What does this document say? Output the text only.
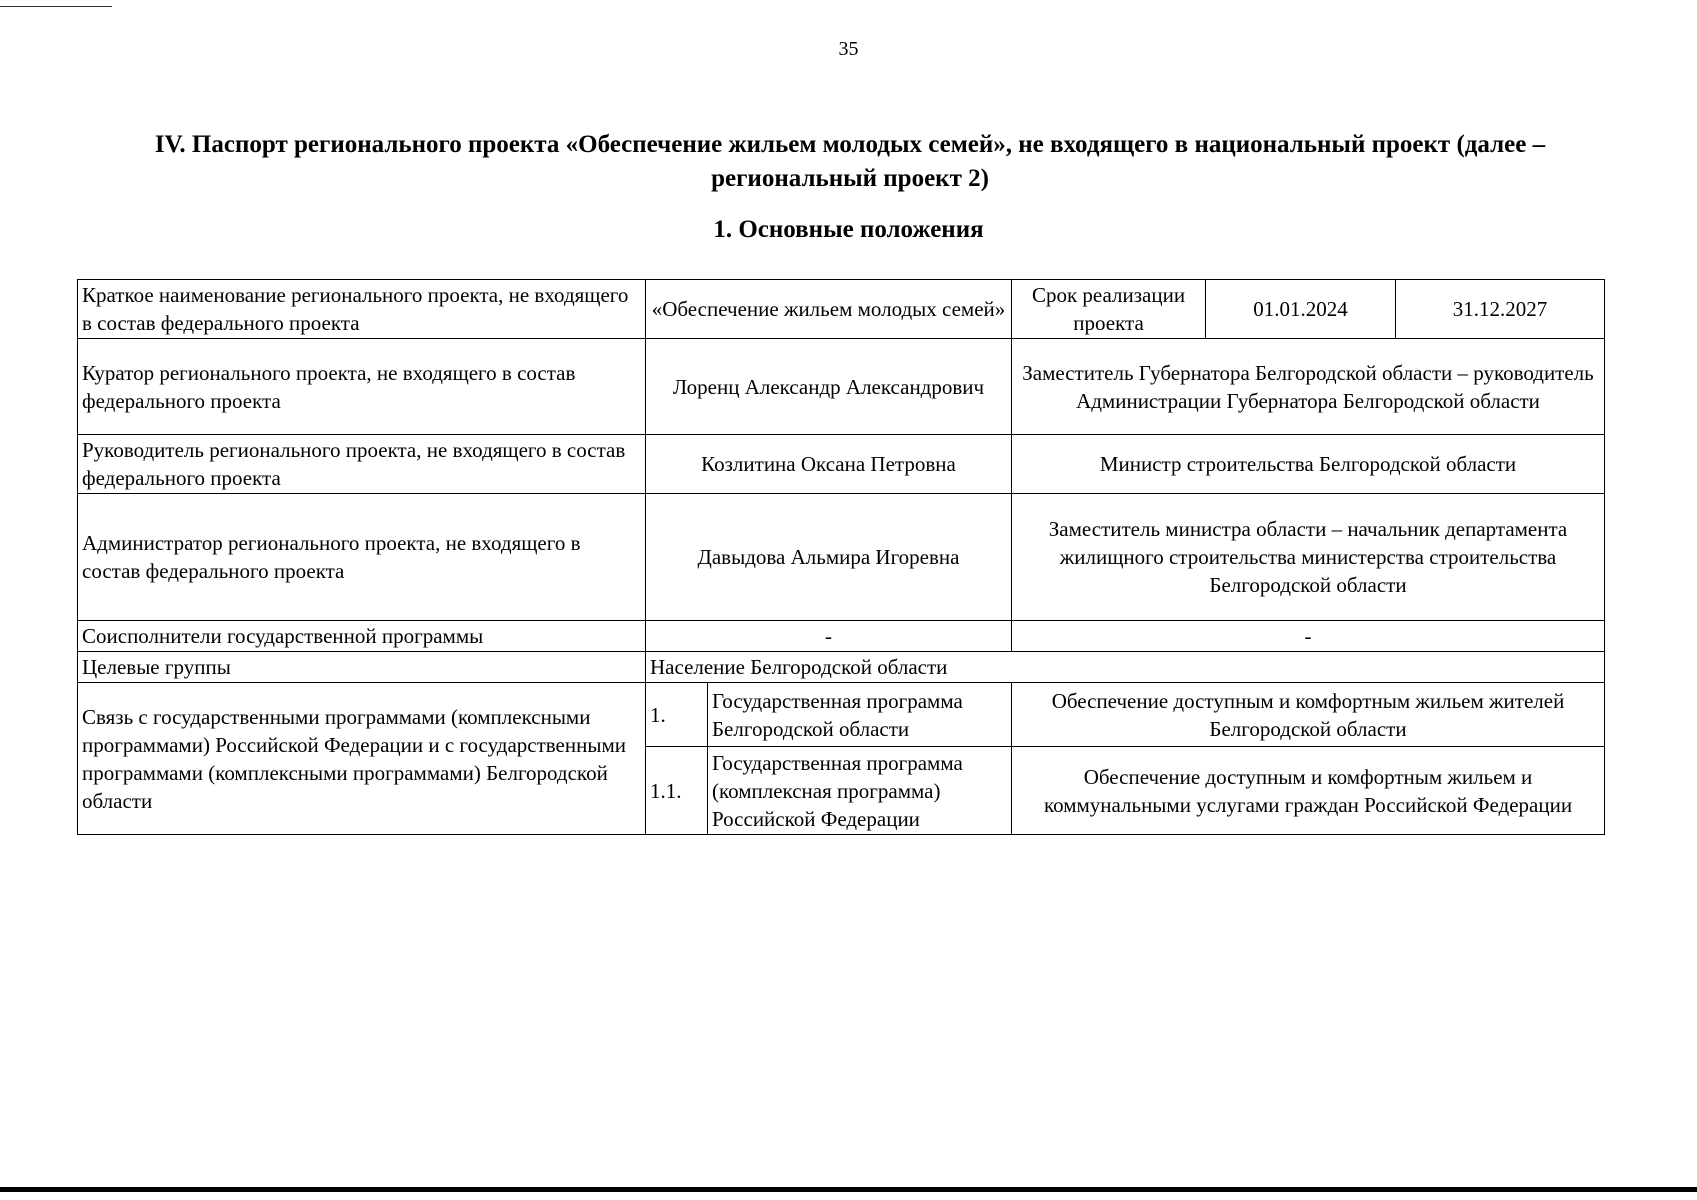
35
IV. Паспорт регионального проекта «Обеспечение жильем молодых семей», не входящего в национальный проект (далее – региональный проект 2)
1. Основные положения
Краткое наименование регионального проекта, не входящего в состав федерального проекта	«Обеспечение жильем молодых семей»		Срок реализации проекта	01.01.2024	31.12.2027
Куратор регионального проекта, не входящего в состав федерального проекта	Лоренц Александр Александрович		Заместитель Губернатора Белгородской области – руководитель Администрации Губернатора Белгородской области		
Руководитель регионального проекта, не входящего в состав федерального проекта	Козлитина Оксана Петровна		Министр строительства Белгородской области		
Администратор регионального проекта, не входящего в состав федерального проекта	Давыдова Альмира Игоревна		Заместитель министра области – начальник департамента жилищного строительства министерства строительства Белгородской области		
Соисполнители государственной программы	-		-		
Целевые группы	Население Белгородской области				
Связь с государственными программами (комплексными программами) Российской Федерации и с государственными программами (комплексными программами) Белгородской области	1.	Государственная программа Белгородской области	Обеспечение доступным и комфортным жильем жителей Белгородской области		
	1.1.	Государственная программа (комплексная программа) Российской Федерации	Обеспечение доступным и комфортным жильем и коммунальными услугами граждан Российской Федерации		
